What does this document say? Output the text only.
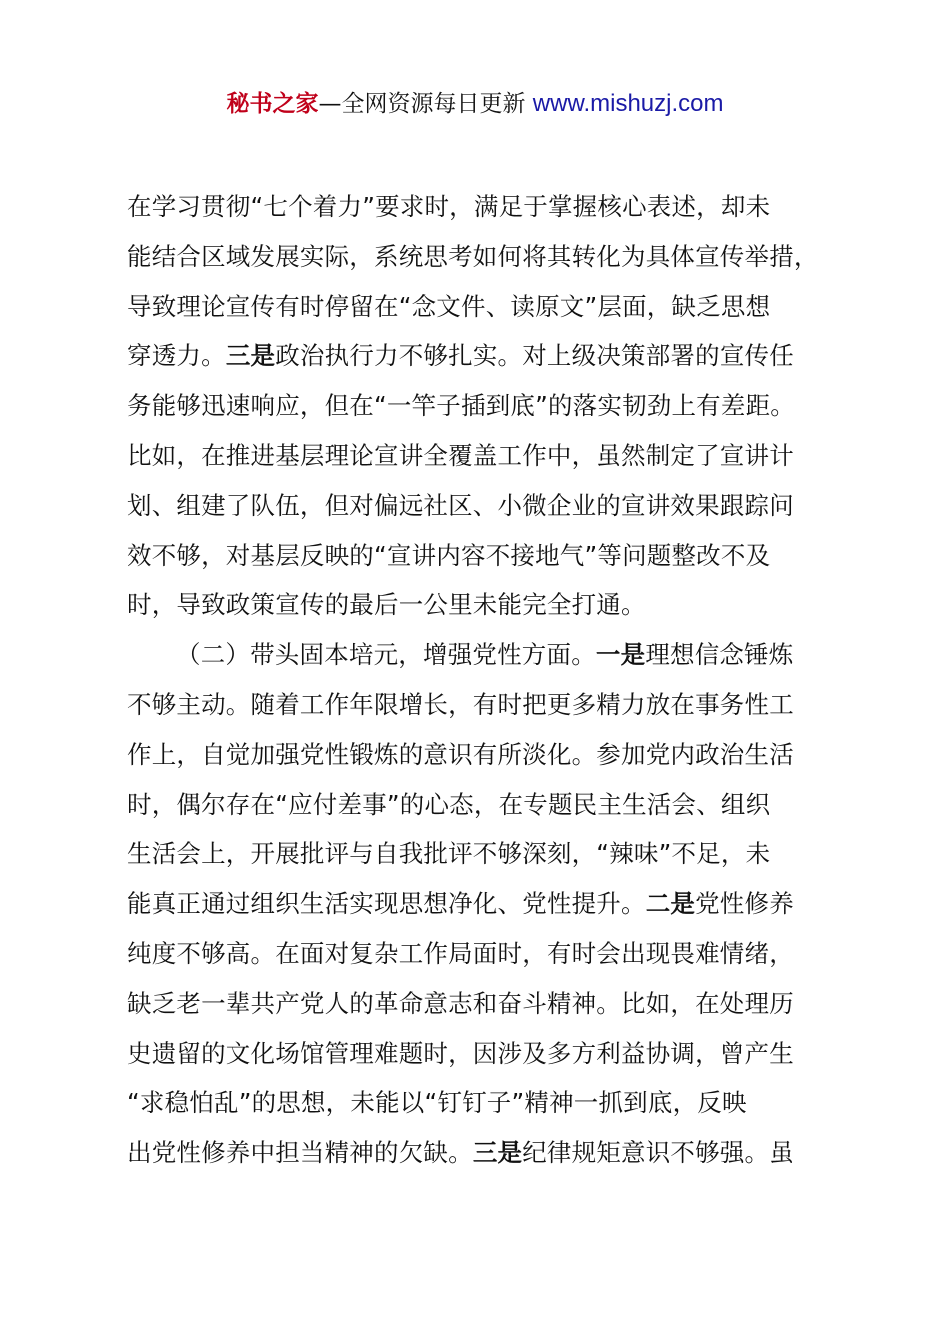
秘书之家—全网资源每日更新 www.mishuzj.com
在学习贯彻“七个着力”要求时，满足于掌握核心表述，却未
能结合区域发展实际，系统思考如何将其转化为具体宣传举措，
导致理论宣传有时停留在“念文件、读原文”层面，缺乏思想
穿透力。三是政治执行力不够扎实。对上级决策部署的宣传任
务能够迅速响应，但在“一竿子插到底”的落实韧劲上有差距。
比如，在推进基层理论宣讲全覆盖工作中，虽然制定了宣讲计
划、组建了队伍，但对偏远社区、小微企业的宣讲效果跟踪问
效不够，对基层反映的“宣讲内容不接地气”等问题整改不及
时，导致政策宣传的最后一公里未能完全打通。
（二）带头固本培元，增强党性方面。一是理想信念锤炼
不够主动。随着工作年限增长，有时把更多精力放在事务性工
作上，自觉加强党性锻炼的意识有所淡化。参加党内政治生活
时，偶尔存在“应付差事”的心态，在专题民主生活会、组织
生活会上，开展批评与自我批评不够深刻，“辣味”不足，未
能真正通过组织生活实现思想净化、党性提升。二是党性修养
纯度不够高。在面对复杂工作局面时，有时会出现畏难情绪，
缺乏老一辈共产党人的革命意志和奋斗精神。比如，在处理历
史遗留的文化场馆管理难题时，因涉及多方利益协调，曾产生
“求稳怕乱”的思想，未能以“钉钉子”精神一抓到底，反映
出党性修养中担当精神的欠缺。三是纪律规矩意识不够强。虽
